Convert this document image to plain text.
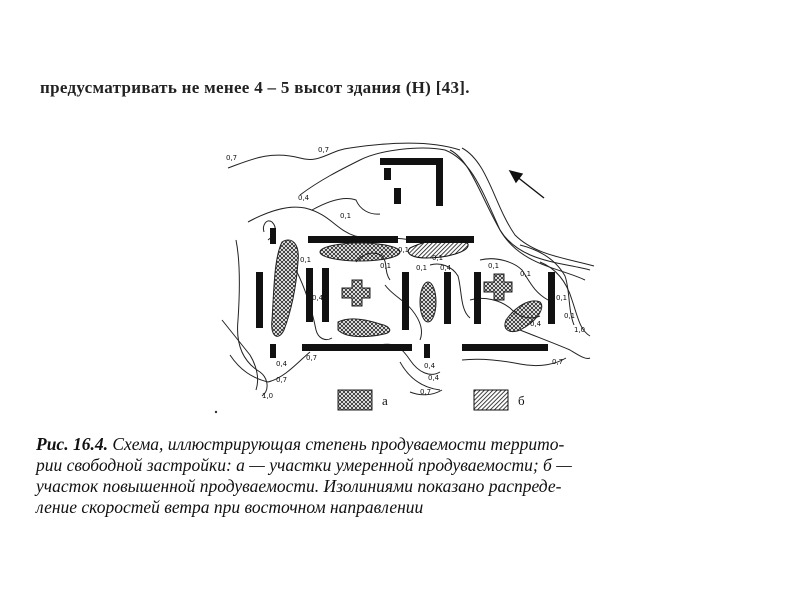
предусматривать не менее 4 – 5 высот здания (H) [43].
0,7
0,7
0,4
0,1
0,1
0,4
0,1	0,1
0,1
0,1
0,4	0,1
0,1
0,1
0,1
1,0
0,7
0,4
0,7
1,0
0,7
0,4
0,1
0,4
0,4
0,7
а	б
Рис. 16.4. Схема, иллюстрирующая степень продуваемости террито-
рии свободной застройки: а — участки умеренной продуваемости; б —
участок повышенной продуваемости. Изолиниями показано распреде-
ление скоростей ветра при восточном направлении
